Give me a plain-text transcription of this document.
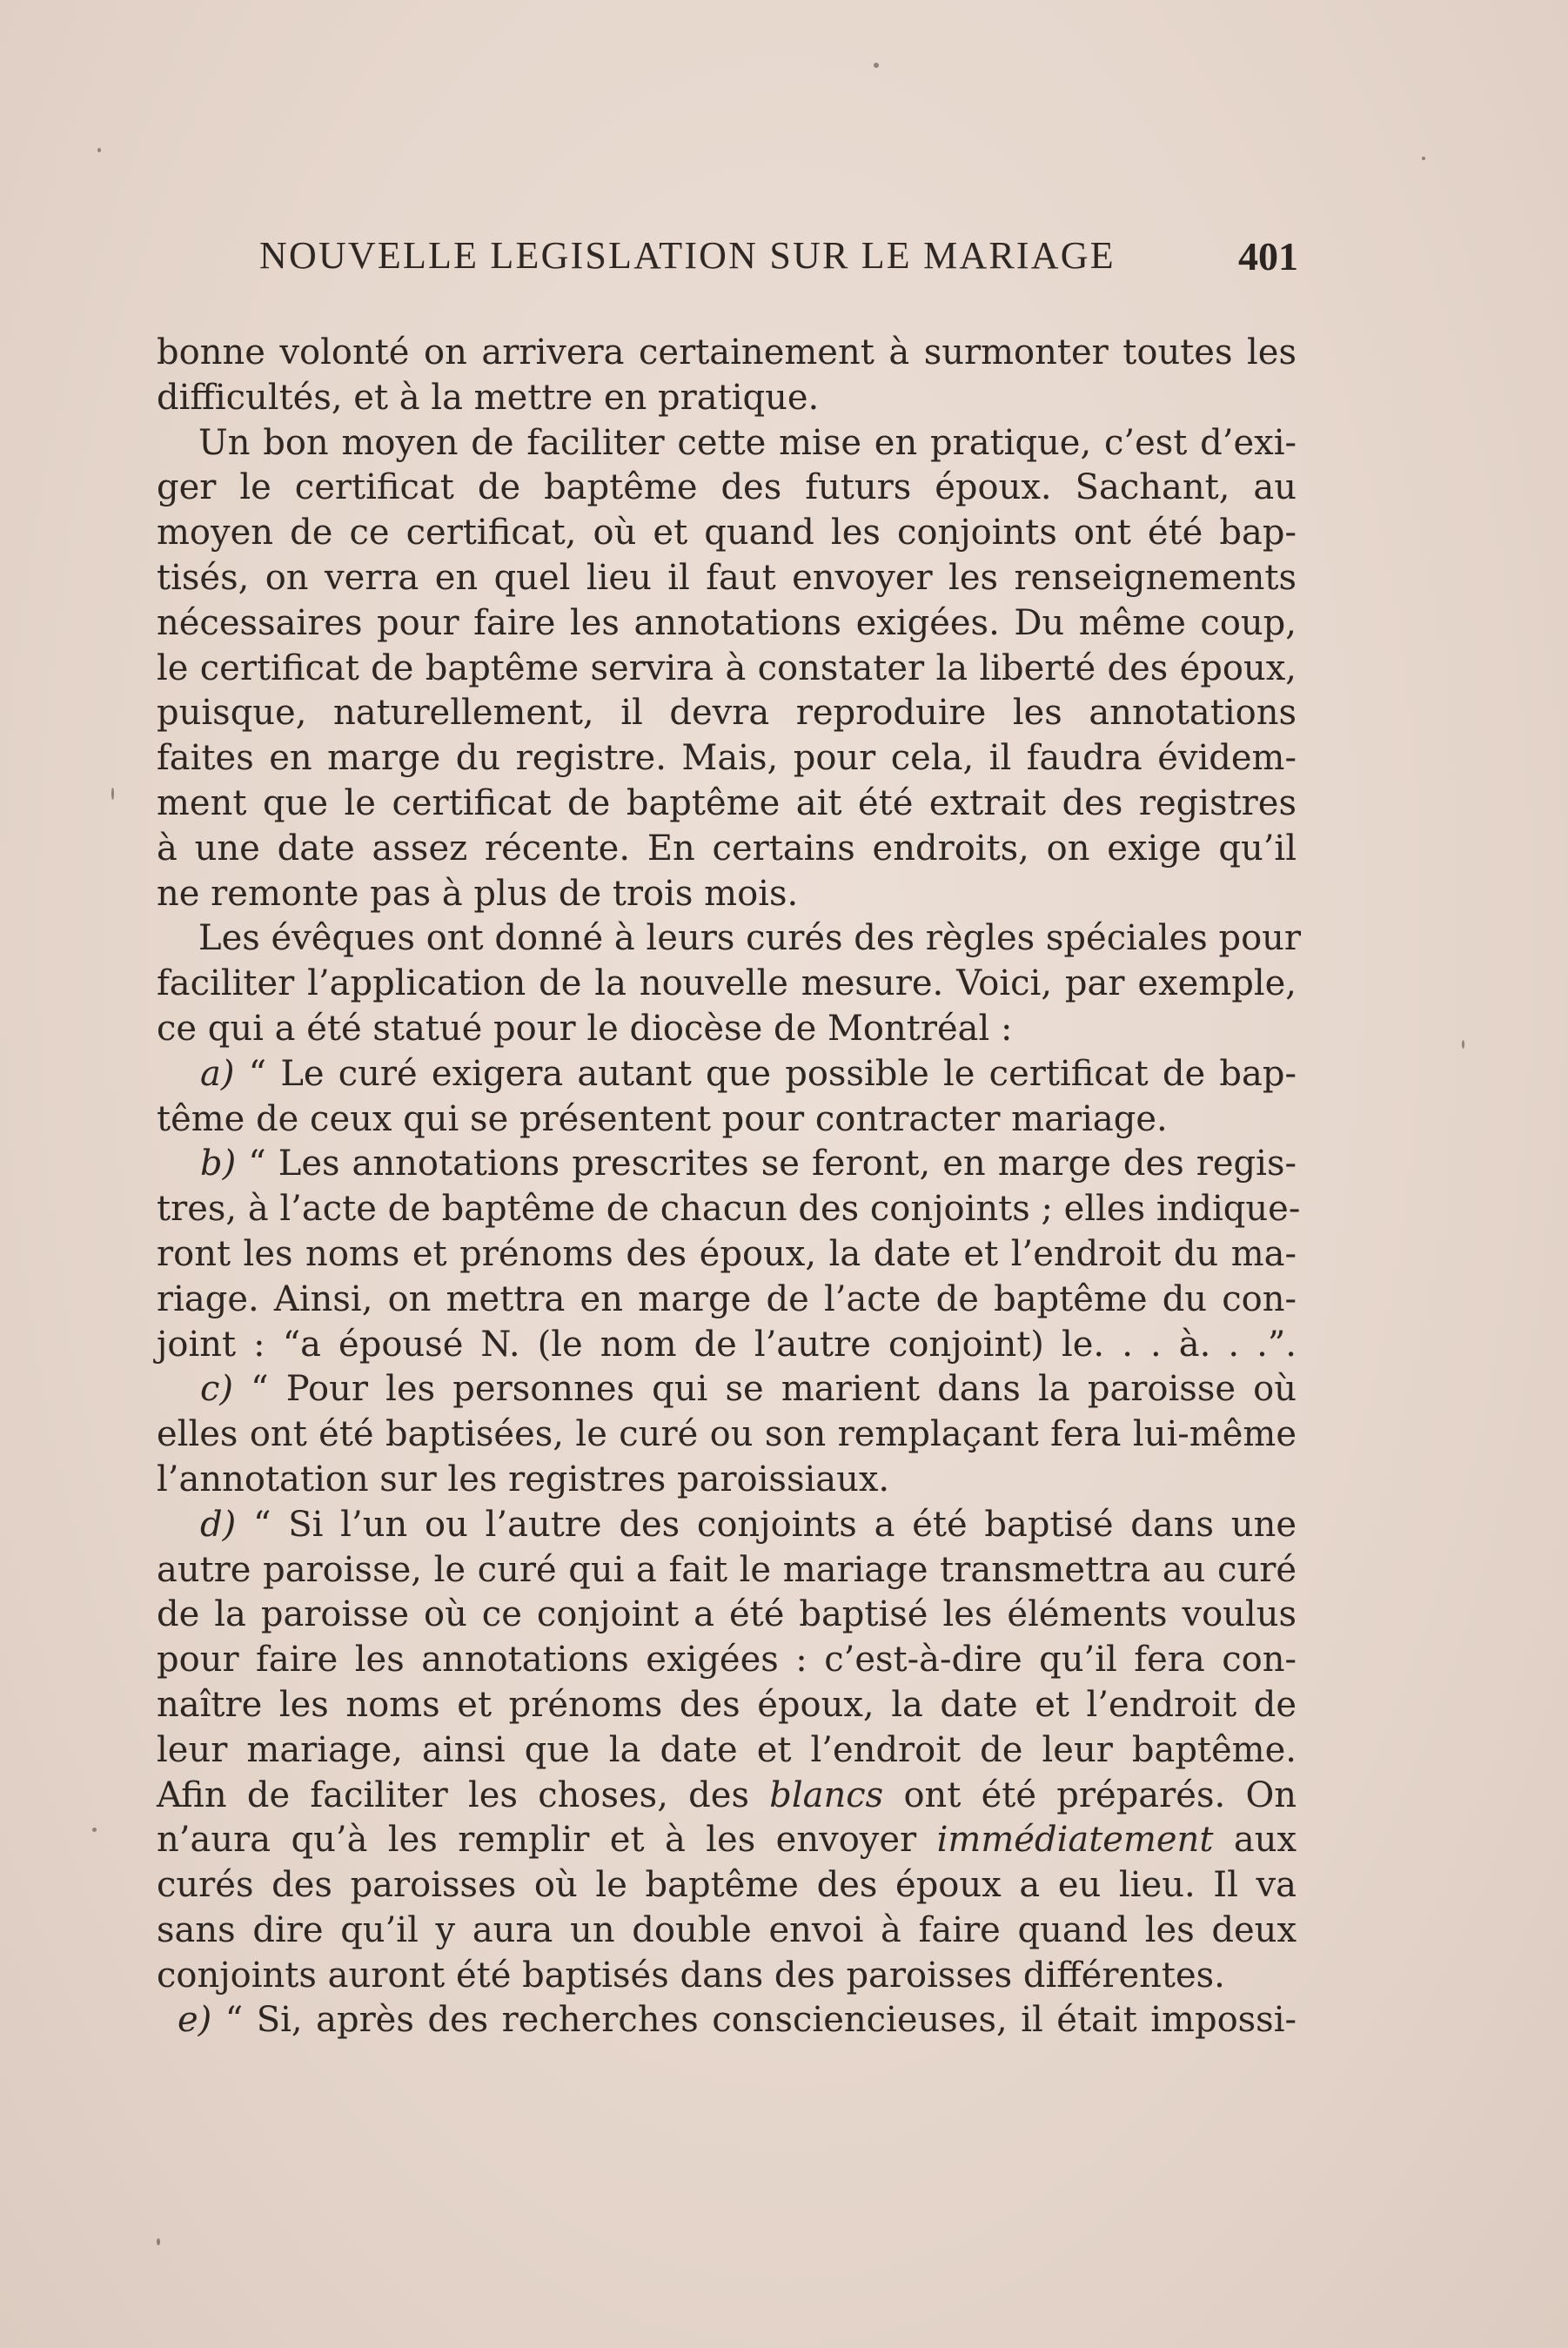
NOUVELLE LEGISLATION SUR LE MARIAGE	401
bonne volonté on arrivera certainement à surmonter toutes les
difficultés, et à la mettre en pratique.
Un bon moyen de faciliter cette mise en pratique, c’est d’exi-
ger le certificat de baptême des futurs époux. Sachant, au
moyen de ce certificat, où et quand les conjoints ont été bap-
tisés, on verra en quel lieu il faut envoyer les renseignements
nécessaires pour faire les annotations exigées. Du même coup,
le certificat de baptême servira à constater la liberté des époux,
puisque, naturellement, il devra reproduire les annotations
faites en marge du registre. Mais, pour cela, il faudra évidem-
ment que le certificat de baptême ait été extrait des registres
à une date assez récente. En certains endroits, on exige qu’il
ne remonte pas à plus de trois mois.
Les évêques ont donné à leurs curés des règles spéciales pour
faciliter l’application de la nouvelle mesure. Voici, par exemple,
ce qui a été statué pour le diocèse de Montréal :
a) “ Le curé exigera autant que possible le certificat de bap-
tême de ceux qui se présentent pour contracter mariage.
b) “ Les annotations prescrites se feront, en marge des regis-
tres, à l’acte de baptême de chacun des conjoints ; elles indique-
ront les noms et prénoms des époux, la date et l’endroit du ma-
riage. Ainsi, on mettra en marge de l’acte de baptême du con-
joint : “a épousé N. (le nom de l’autre conjoint) le. . . à. . .”.
c) “ Pour les personnes qui se marient dans la paroisse où
elles ont été baptisées, le curé ou son remplaçant fera lui-même
l’annotation sur les registres paroissiaux.
d) “ Si l’un ou l’autre des conjoints a été baptisé dans une
autre paroisse, le curé qui a fait le mariage transmettra au curé
de la paroisse où ce conjoint a été baptisé les éléments voulus
pour faire les annotations exigées : c’est-à-dire qu’il fera con-
naître les noms et prénoms des époux, la date et l’endroit de
leur mariage, ainsi que la date et l’endroit de leur baptême.
Afin de faciliter les choses, des blancs ont été préparés. On
n’aura qu’à les remplir et à les envoyer immédiatement aux
curés des paroisses où le baptême des époux a eu lieu. Il va
sans dire qu’il y aura un double envoi à faire quand les deux
conjoints auront été baptisés dans des paroisses différentes.
e) “ Si, après des recherches consciencieuses, il était impossi-
